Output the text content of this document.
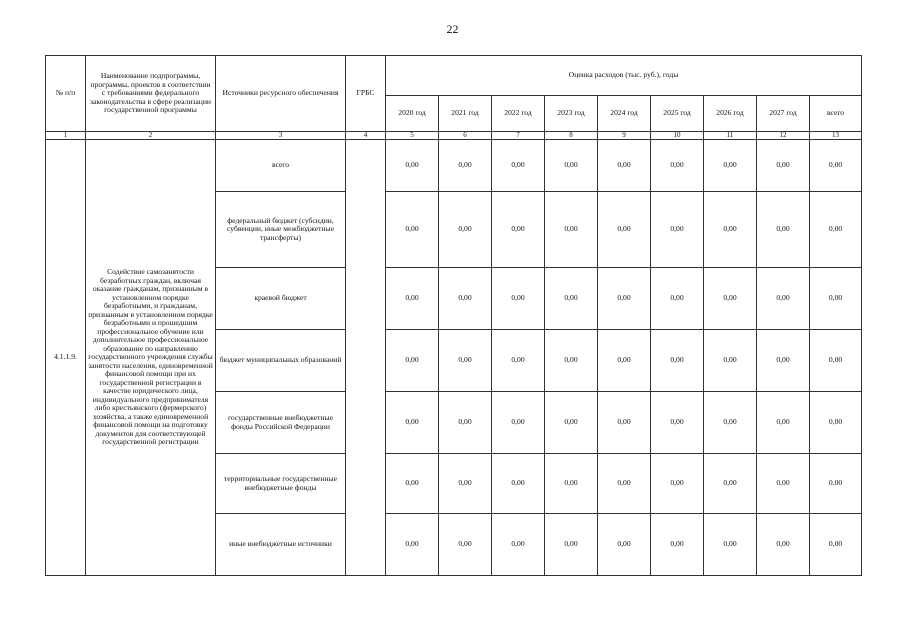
22
№ п/п	Наименование подпрограммы, программы, проектов в соответствии с требованиями федерального законодательства в сфере реализации государственной программы	Источники ресурсного обеспечения	ГРБС	Оценка расходов (тыс. руб.), годы								
				2020 год	2021 год	2022 год	2023 год	2024 год	2025 год	2026 год	2027 год	всего
1	2	3	4	5	6	7	8	9	10	11	12	13
4.1.1.9.	Содействие самозанятости безработных граждан, включая оказание гражданам, признанным в установленном порядке безработными, и гражданам, признанным в установленном порядке безработными и прошедшим профессиональное обучение или дополнительное профессиональное образование по направлению государственного учреждения службы занятости населения, единовременной финансовой помощи при их государственной регистрации в качестве юридического лица, индивидуального предпринимателя либо крестьянского (фермерского) хозяйства, а также единовременной финансовой помощи на подготовку документов для соответствующей государственной регистрации	всего		0,00	0,00	0,00	0,00	0,00	0,00	0,00	0,00	0,00
		федеральный бюджет (субсидии, субвенции, иные межбюджетные трансферты)		0,00	0,00	0,00	0,00	0,00	0,00	0,00	0,00	0,00
		краевой бюджет		0,00	0,00	0,00	0,00	0,00	0,00	0,00	0,00	0,00
		бюджет муниципальных образований		0,00	0,00	0,00	0,00	0,00	0,00	0,00	0,00	0,00
		государственные внебюджетные фонды Российской Федерации		0,00	0,00	0,00	0,00	0,00	0,00	0,00	0,00	0,00
		территориальные государственные внебюджетные фонды		0,00	0,00	0,00	0,00	0,00	0,00	0,00	0,00	0,00
		иные внебюджетные источники		0,00	0,00	0,00	0,00	0,00	0,00	0,00	0,00	0,00
